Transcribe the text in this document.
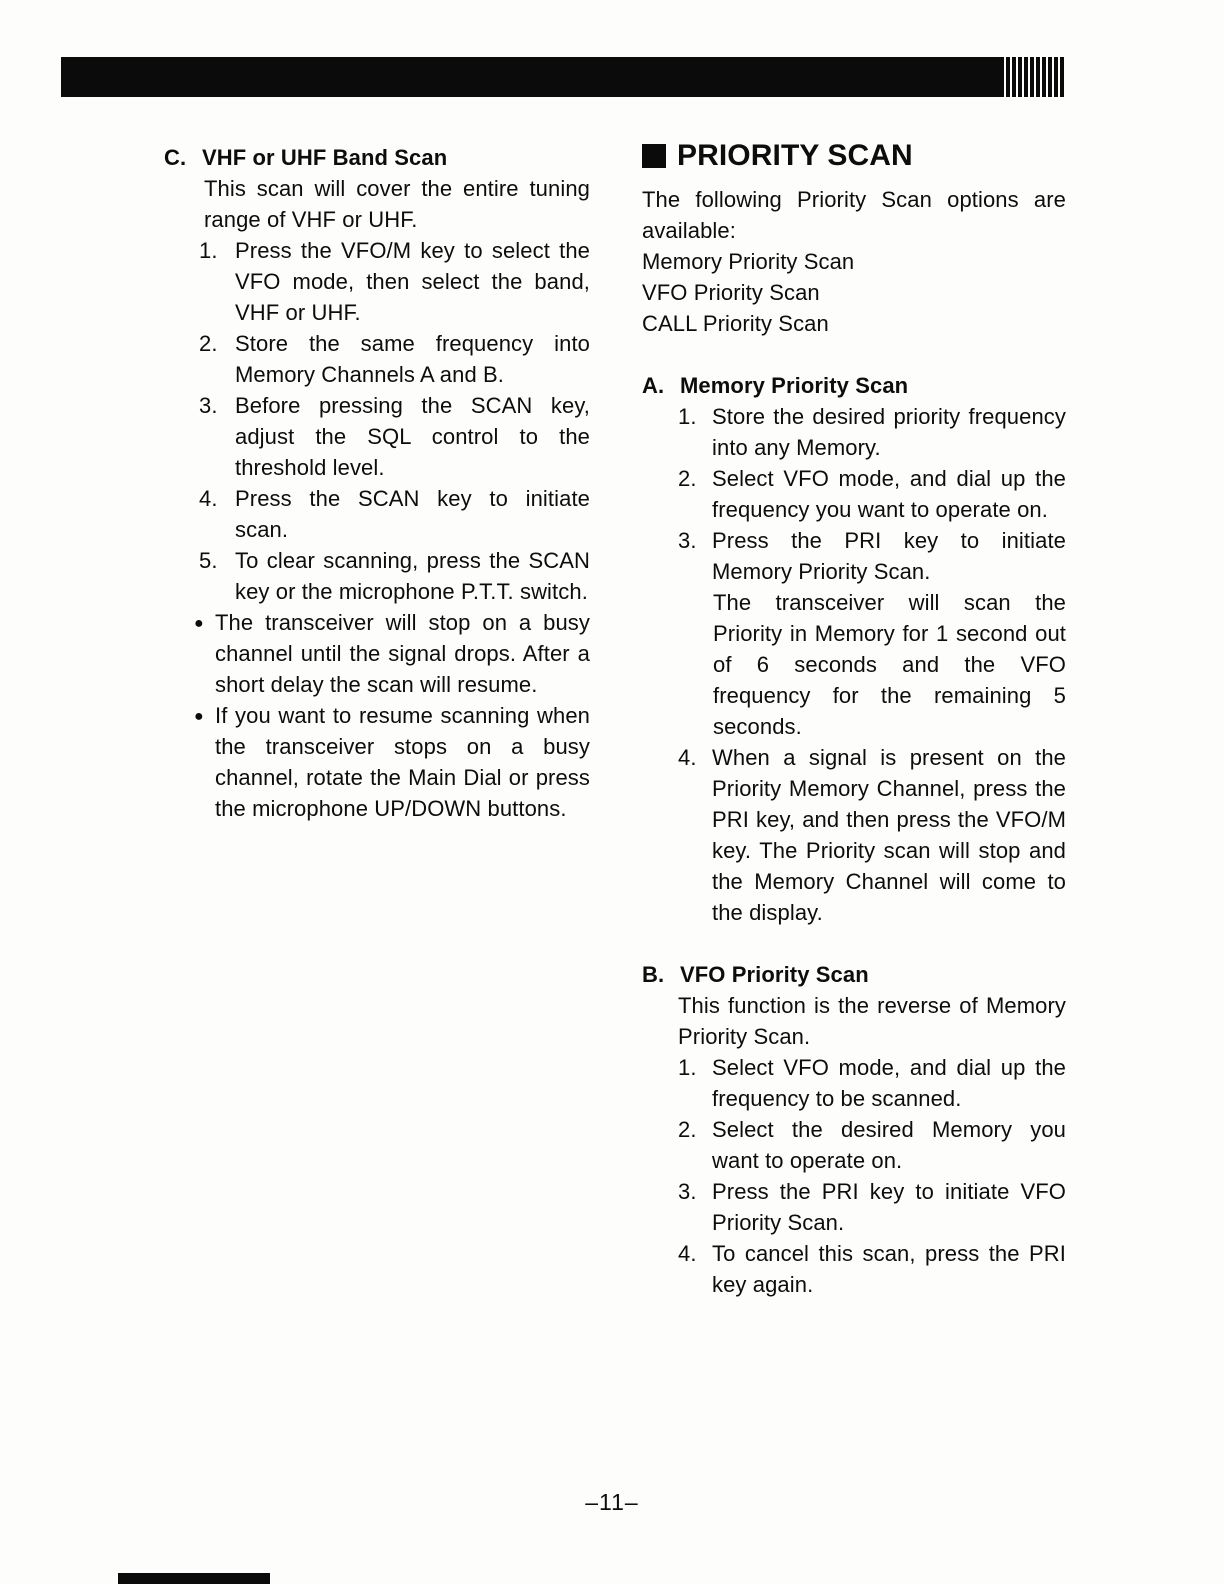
C. VHF or UHF Band Scan
This scan will cover the entire tuning range of VHF or UHF.
1. Press the VFO/M key to select the VFO mode, then select the band, VHF or UHF.
2. Store the same frequency into Memory Channels A and B.
3. Before pressing the SCAN key, adjust the SQL control to the threshold level.
4. Press the SCAN key to initiate scan.
5. To clear scanning, press the SCAN key or the microphone P.T.T. switch.
● The transceiver will stop on a busy channel until the signal drops. After a short delay the scan will resume.
● If you want to resume scanning when the transceiver stops on a busy channel, rotate the Main Dial or press the microphone UP/DOWN buttons.
PRIORITY SCAN
The following Priority Scan options are available:
Memory Priority Scan
VFO Priority Scan
CALL Priority Scan
A. Memory Priority Scan
1. Store the desired priority frequency into any Memory.
2. Select VFO mode, and dial up the frequency you want to operate on.
3. Press the PRI key to initiate Memory Priority Scan.
The transceiver will scan the Priority in Memory for 1 second out of 6 seconds and the VFO frequency for the remaining 5 seconds.
4. When a signal is present on the Priority Memory Channel, press the PRI key, and then press the VFO/M key. The Priority scan will stop and the Memory Channel will come to the display.
B. VFO Priority Scan
This function is the reverse of Memory Priority Scan.
1. Select VFO mode, and dial up the frequency to be scanned.
2. Select the desired Memory you want to operate on.
3. Press the PRI key to initiate VFO Priority Scan.
4. To cancel this scan, press the PRI key again.
–11–
